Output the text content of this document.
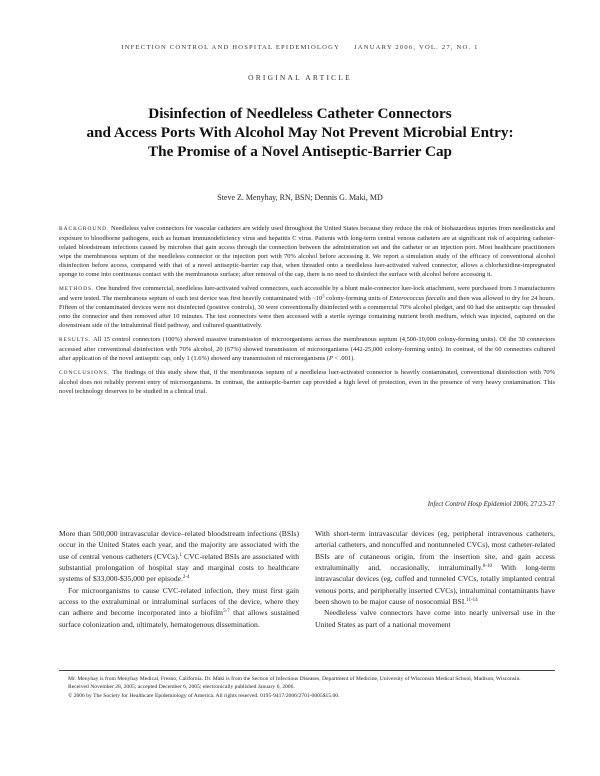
INFECTION CONTROL AND HOSPITAL EPIDEMIOLOGY     JANUARY 2006, VOL. 27, NO. 1
ORIGINAL ARTICLE
Disinfection of Needleless Catheter Connectors
and Access Ports With Alcohol May Not Prevent Microbial Entry:
The Promise of a Novel Antiseptic-Barrier Cap
Steve Z. Menyhay, RN, BSN; Dennis G. Maki, MD

BACKGROUND. Needleless valve connectors for vascular catheters are widely used throughout the United States because they reduce the risk of biohazardous injuries from needlesticks and exposure to bloodborne pathogens, such as human immunodeficiency virus and hepatitis C virus. Patients with long-term central venous catheters are at significant risk of acquiring catheter-related bloodstream infections caused by microbes that gain access through the connection between the administration set and the catheter or an injection port. Most healthcare practitioners wipe the membranous septum of the needleless connector or the injection port with 70% alcohol before accessing it. We report a simulation study of the efficacy of conventional alcohol disinfection before access, compared with that of a novel antiseptic-barrier cap that, when threaded onto a needleless luer-activated valved connector, allows a chlorhexidine-impregnated sponge to come into continuous contact with the membranous surface; after removal of the cap, there is no need to disinfect the surface with alcohol before accessing it.

METHODS. One hundred five commercial, needleless luer-activated valved connectors, each accessible by a blunt male-connector luer-lock attachment, were purchased from 3 manufacturers and were tested. The membranous septum of each test device was first heavily contaminated with $\sim 10^5$ colony-forming units of Enterococcus faecalis and then was allowed to dry for 24 hours. Fifteen of the contaminated devices were not disinfected (positive controls), 30 were conventionally disinfected with a commercial 70% alcohol pledget, and 60 had the antiseptic cap threaded onto the connector and then removed after 10 minutes. The test connectors were then accessed with a sterile syringe containing nutrient broth medium, which was injected, captured on the downstream side of the intraluminal fluid pathway, and cultured quantitatively.

RESULTS. All 15 control connectors (100%) showed massive transmission of microorganisms across the membranous septum (4,500-10,000 colony-forming units). Of the 30 connectors accessed after conventional disinfection with 70% alcohol, 20 (67%) showed transmission of microorganisms (442-25,000 colony-forming units). In contrast, of the 60 connectors cultured after application of the novel antiseptic cap, only 1 (1.6%) showed any transmission of microorganisms (P < .001).

CONCLUSIONS. The findings of this study show that, if the membranous septum of a needleless luer-activated connector is heavily contaminated, conventional disinfection with 70% alcohol does not reliably prevent entry of microorganisms. In contrast, the antiseptic-barrier cap provided a high level of protection, even in the presence of very heavy contamination. This novel technology deserves to be studied in a clinical trial.

Infect Control Hosp Epidemiol 2006; 27:23-27

More than 500,000 intravascular device–related bloodstream infections (BSIs) occur in the United States each year, and the majority are associated with the use of central venous catheters (CVCs).$^1$ CVC-related BSIs are associated with substantial prolongation of hospital stay and marginal costs to healthcare systems of $33,000-$35,000 per episode.$^{2-4}$

For microorganisms to cause CVC-related infection, they must first gain access to the extraluminal or intraluminal surfaces of the device, where they can adhere and become incorporated into a biofilm$^{5-7}$ that allows sustained surface colonization and, ultimately, hematogenous dissemination.

With short-term intravascular devices (eg, peripheral intravenous catheters, arterial catheters, and noncuffed and nontunneled CVCs), most catheter-related BSIs are of cutaneous origin, from the insertion site, and gain access extraluminally and, occasionally, intraluminally.$^{8-10}$ With long-term intravascular devices (eg, cuffed and tunneled CVCs, totally implanted central venous ports, and peripherally inserted CVCs), intraluminal contaminants have been shown to be major cause of nosocomial BSI.$^{11-14}$

Needleless valve connectors have come into nearly universal use in the United States as part of a national movement

Mr. Menyhay is from Menyhay Medical, Fresno, California. Dr. Maki is from the Section of Infectious Diseases, Department of Medicine, University of Wisconsin Medical School, Madison, Wisconsin.

Received November 28, 2005; accepted December 6, 2005; electronically published January 6, 2006.

© 2006 by The Society for Healthcare Epidemiology of America. All rights reserved. 0195-9417/2006/2701-0005$15.00.
